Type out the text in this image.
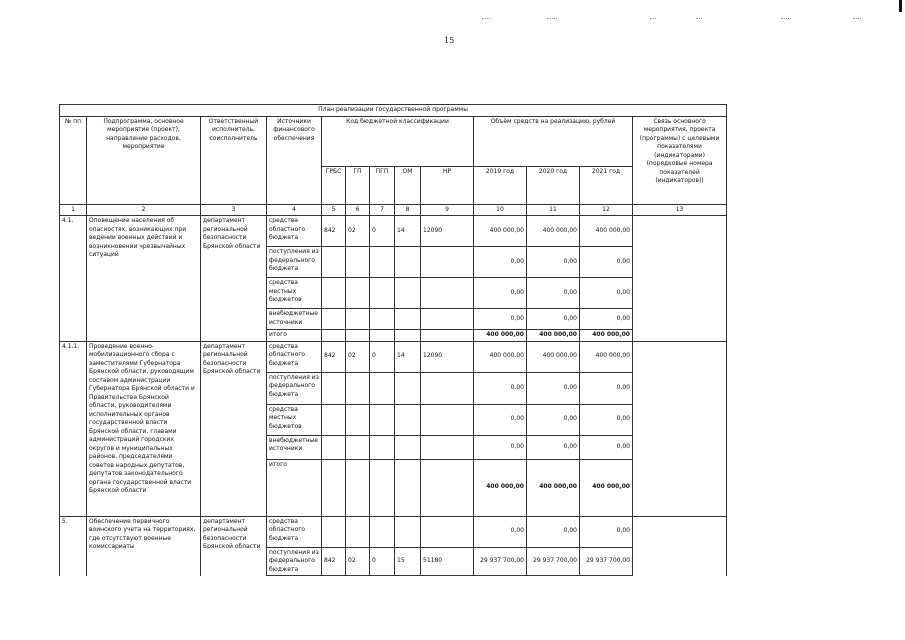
15
План реализации государственной программы												
№ пп	Подпрограмма, основное мероприятие (проект), направление расходов, мероприятие	Ответственный исполнитель, соисполнитель	Источники финансового обеспечения	Код бюджетной классификации					Объём средств на реализацию, рублей			Связь основного мероприятия, проекта (программы) с целевыми показателями (индикаторами) (порядковые номера показателей (индикаторов))
				ГРБС	ГП	ПГП	ОМ	НР	2019 год	2020 год	2021 год	
1	2	3	4	5	6	7	8	9	10	11	12	13
4.1.	Оповещение населения об опасностях, возникающих при ведении военных действий и возникновении чрезвычайных ситуаций	департамент региональной безопасности Брянской области	средства областного бюджета	842	02	0	14	12090	400 000,00	400 000,00	400 000,00	
			поступления из федерального бюджета						0,00	0,00	0,00	
			средства местных бюджетов						0,00	0,00	0,00	
			внебюджетные источники						0,00	0,00	0,00	
			итого						400 000,00	400 000,00	400 000,00	
4.1.1.	Проведение военно-мобилизационного сбора с заместителями Губернатора Брянской области, руководящим составом администрации Губернатора Брянской области и Правительства Брянской области, руководителями исполнительных органов государственной власти Брянской области, главами администраций городских округов и муниципальных районов, председателями советов народных депутатов, депутатов законодательного органа государственной власти Брянской области	департамент региональной безопасности Брянской области	средства областного бюджета	842	02	0	14	12090	400 000,00	400 000,00	400 000,00	
			поступления из федерального бюджета						0,00	0,00	0,00	
			средства местных бюджетов						0,00	0,00	0,00	
			внебюджетные источники						0,00	0,00	0,00	
			итого						400 000,00	400 000,00	400 000,00	
5.	Обеспечение первичного воинского учета на территориях, где отсутствуют военные комиссариаты	департамент региональной безопасности Брянской области	средства областного бюджета						0,00	0,00	0,00	
			поступления из федерального бюджета	842	02	0	15	51180	29 937 700,00	29 937 700,00	29 937 700,00	
